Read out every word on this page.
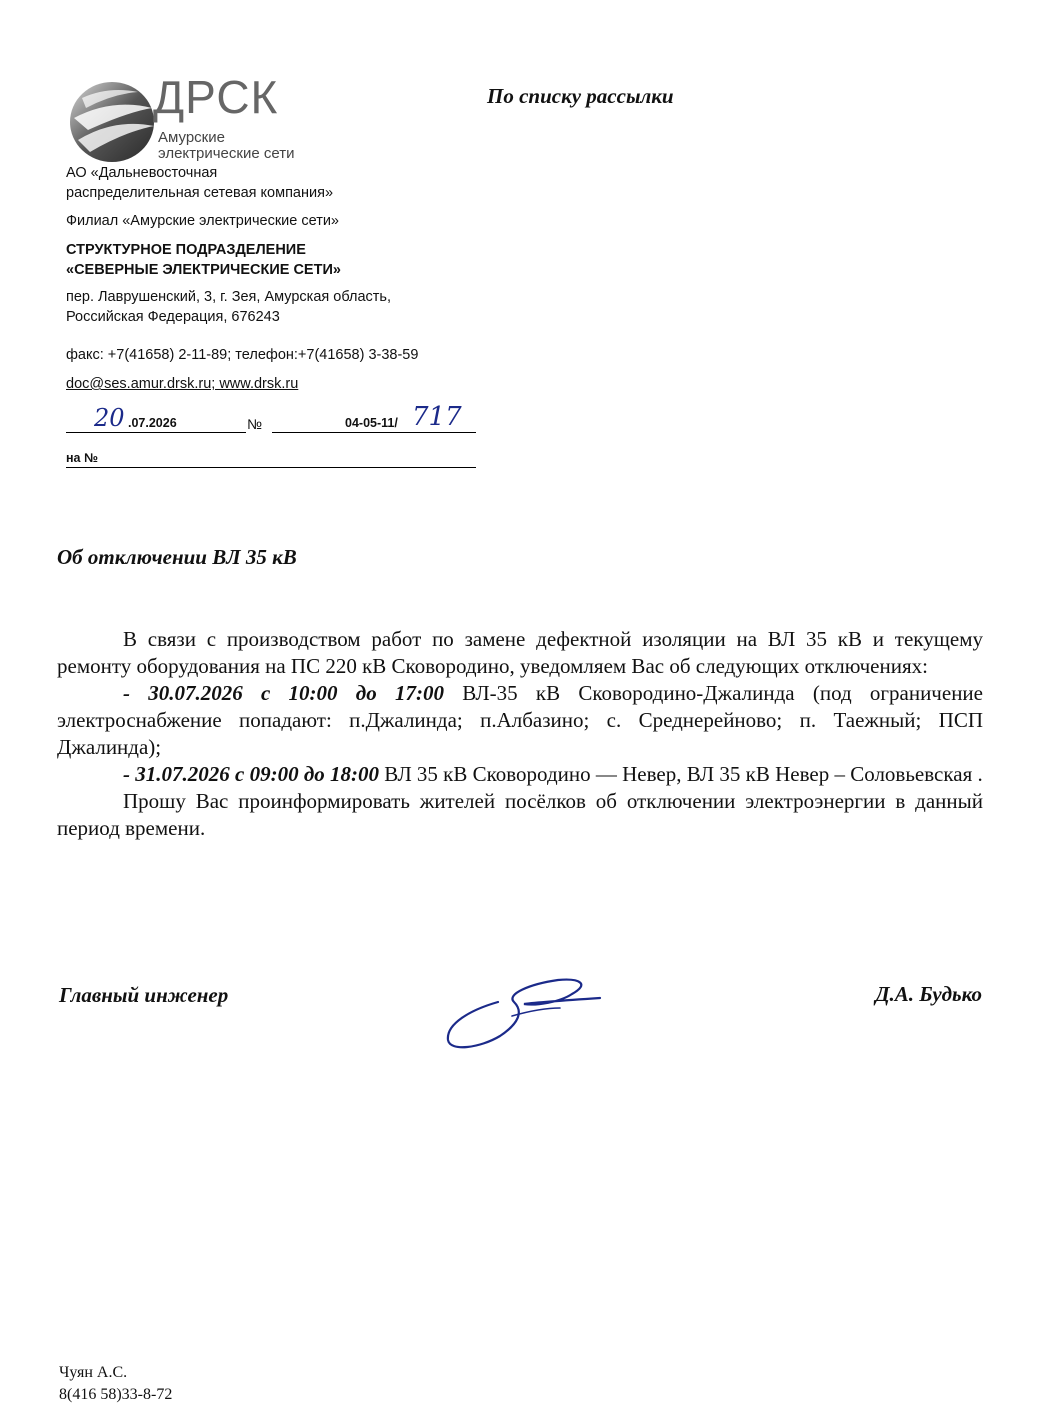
ДРСК
Амурские
электрические сети
АО «Дальневосточная
распределительная сетевая компания»
Филиал «Амурские электрические сети»
СТРУКТУРНОЕ ПОДРАЗДЕЛЕНИЕ
«СЕВЕРНЫЕ ЭЛЕКТРИЧЕСКИЕ СЕТИ»
пер. Лаврушенский, 3, г. Зея, Амурская область,
Российская Федерация, 676243
факс: +7(41658) 2-11-89; телефон:+7(41658) 3-38-59
doc@ses.amur.drsk.ru; www.drsk.ru
20 .07.2026	№	04-05-11/ 717
на №
По списку рассылки
Об отключении ВЛ 35 кВ

В связи с производством работ по замене дефектной изоляции на ВЛ 35 кВ и текущему ремонту оборудования на ПС 220 кВ Сковородино, уведомляем Вас об следующих отключениях:

- 30.07.2026 с 10:00 до 17:00 ВЛ-35 кВ Сковородино-Джалинда (под ограничение электроснабжение попадают: п.Джалинда; п.Албазино; с. Среднерейново; п. Таежный; ПСП Джалинда);

- 31.07.2026 с 09:00 до 18:00 ВЛ 35 кВ Сковородино — Невер, ВЛ 35 кВ Невер – Соловьевская .

Прошу Вас проинформировать жителей посёлков об отключении электроэнергии в данный период времени.

Главный инженер	Д.А. Будько
Чуян А.С.
8(416 58)33-8-72
